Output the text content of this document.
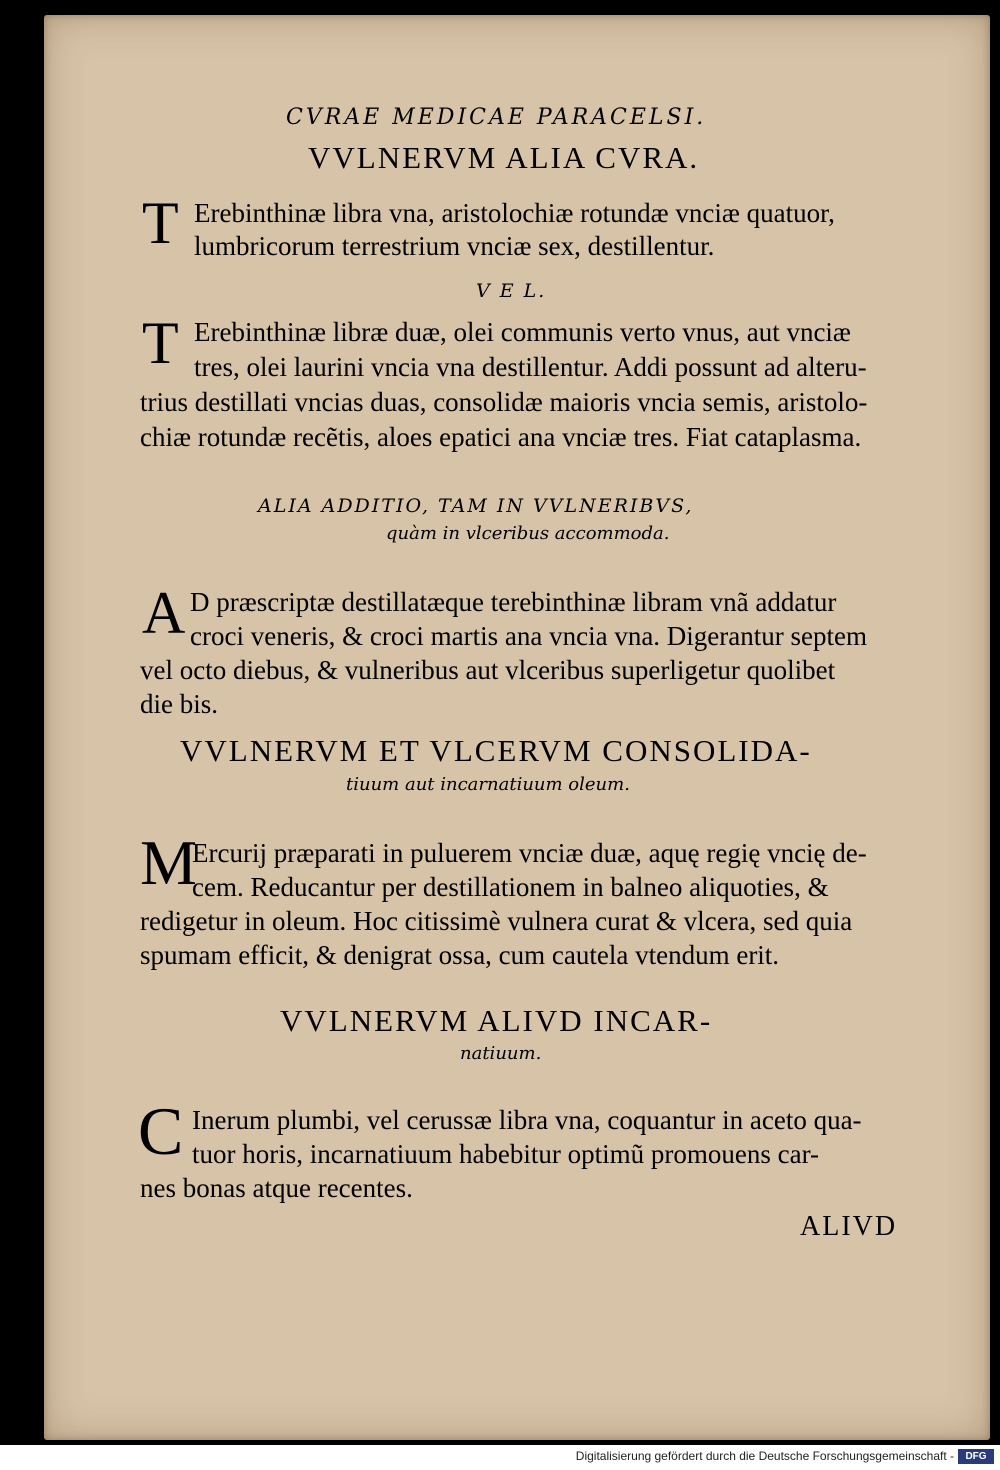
CVRAE MEDICAE PARACELSI.
VVLNERVM ALIA CVRA.
T Erebinthinæ libra vna, aristolochiæ rotundæ vnciæ quatuor,
lumbricorum terrestrium vnciæ sex, destillentur.
V E L.
T Erebinthinæ libræ duæ, olei communis verto vnus, aut vnciæ
tres, olei laurini vncia vna destillentur. Addi possunt ad alteru-
trius destillati vncias duas, consolidæ maioris vncia semis, aristolo-
chiæ rotundæ recẽtis, aloes epatici ana vnciæ tres. Fiat cataplasma.
ALIA ADDITIO, TAM IN VVLNERIBVS,
quàm in vlceribus accommoda.
A D præscriptæ destillatæque terebinthinæ libram vnã addatur
croci veneris, & croci martis ana vncia vna. Digerantur septem
vel octo diebus, & vulneribus aut vlceribus superligetur quolibet
die bis.
VVLNERVM ET VLCERVM CONSOLIDA-
tiuum aut incarnatiuum oleum.
M
Ercurij præparati in puluerem vnciæ duæ, aquę regię vncię de-
cem. Reducantur per destillationem in balneo aliquoties, &
redigetur in oleum. Hoc citissimè vulnera curat & vlcera, sed quia
spumam efficit, & denigrat ossa, cum cautela vtendum erit.
VVLNERVM ALIVD INCAR-
natiuum.
C Inerum plumbi, vel cerussæ libra vna, coquantur in aceto qua-
tuor horis, incarnatiuum habebitur optimũ promouens car-
nes bonas atque recentes.
ALIVD
Digitalisierung gefördert durch die Deutsche Forschungsgemeinschaft -	DFG
